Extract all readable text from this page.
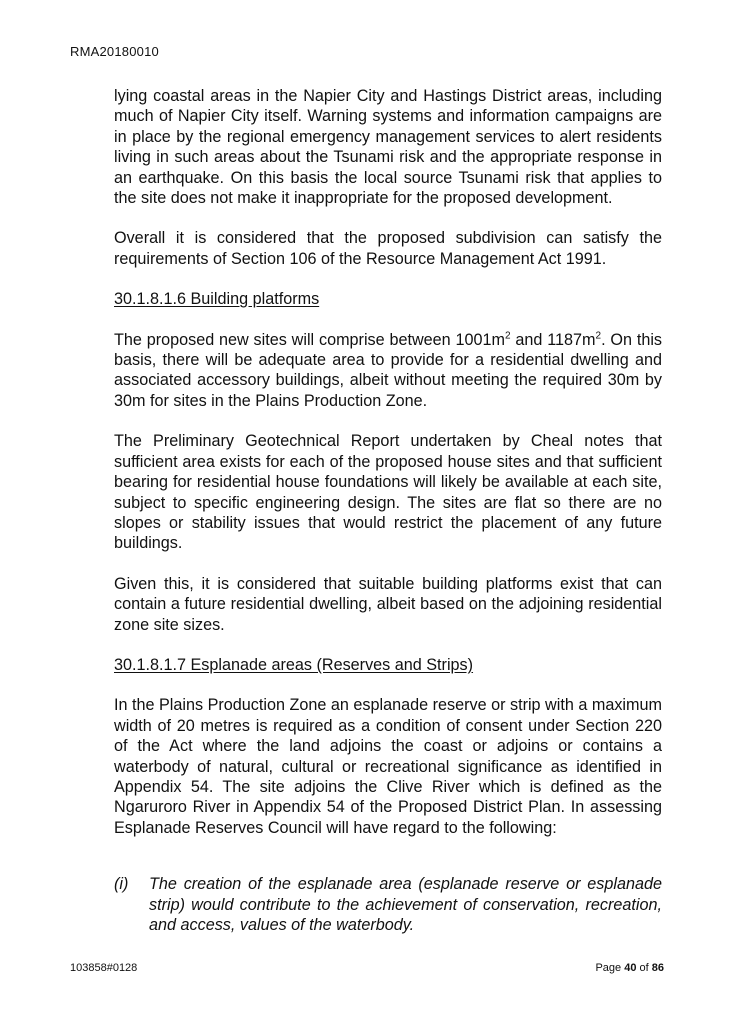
RMA20180010

lying coastal areas in the Napier City and Hastings District areas, including much of Napier City itself. Warning systems and information campaigns are in place by the regional emergency management services to alert residents living in such areas about the Tsunami risk and the appropriate response in an earthquake. On this basis the local source Tsunami risk that applies to the site does not make it inappropriate for the proposed development.

Overall it is considered that the proposed subdivision can satisfy the requirements of Section 106 of the Resource Management Act 1991.

30.1.8.1.6 Building platforms

The proposed new sites will comprise between $1001m^2$ and $1187m^2$. On this basis, there will be adequate area to provide for a residential dwelling and associated accessory buildings, albeit without meeting the required 30m by 30m for sites in the Plains Production Zone.

The Preliminary Geotechnical Report undertaken by Cheal notes that sufficient area exists for each of the proposed house sites and that sufficient bearing for residential house foundations will likely be available at each site, subject to specific engineering design. The sites are flat so there are no slopes or stability issues that would restrict the placement of any future buildings.

Given this, it is considered that suitable building platforms exist that can contain a future residential dwelling, albeit based on the adjoining residential zone site sizes.

30.1.8.1.7 Esplanade areas (Reserves and Strips)

In the Plains Production Zone an esplanade reserve or strip with a maximum width of 20 metres is required as a condition of consent under Section 220 of the Act where the land adjoins the coast or adjoins or contains a waterbody of natural, cultural or recreational significance as identified in Appendix 54. The site adjoins the Clive River which is defined as the Ngaruroro River in Appendix 54 of the Proposed District Plan. In assessing Esplanade Reserves Council will have regard to the following:

(i) The creation of the esplanade area (esplanade reserve or esplanade strip) would contribute to the achievement of conservation, recreation, and access, values of the waterbody.
103858#0128	Page 40 of 86
